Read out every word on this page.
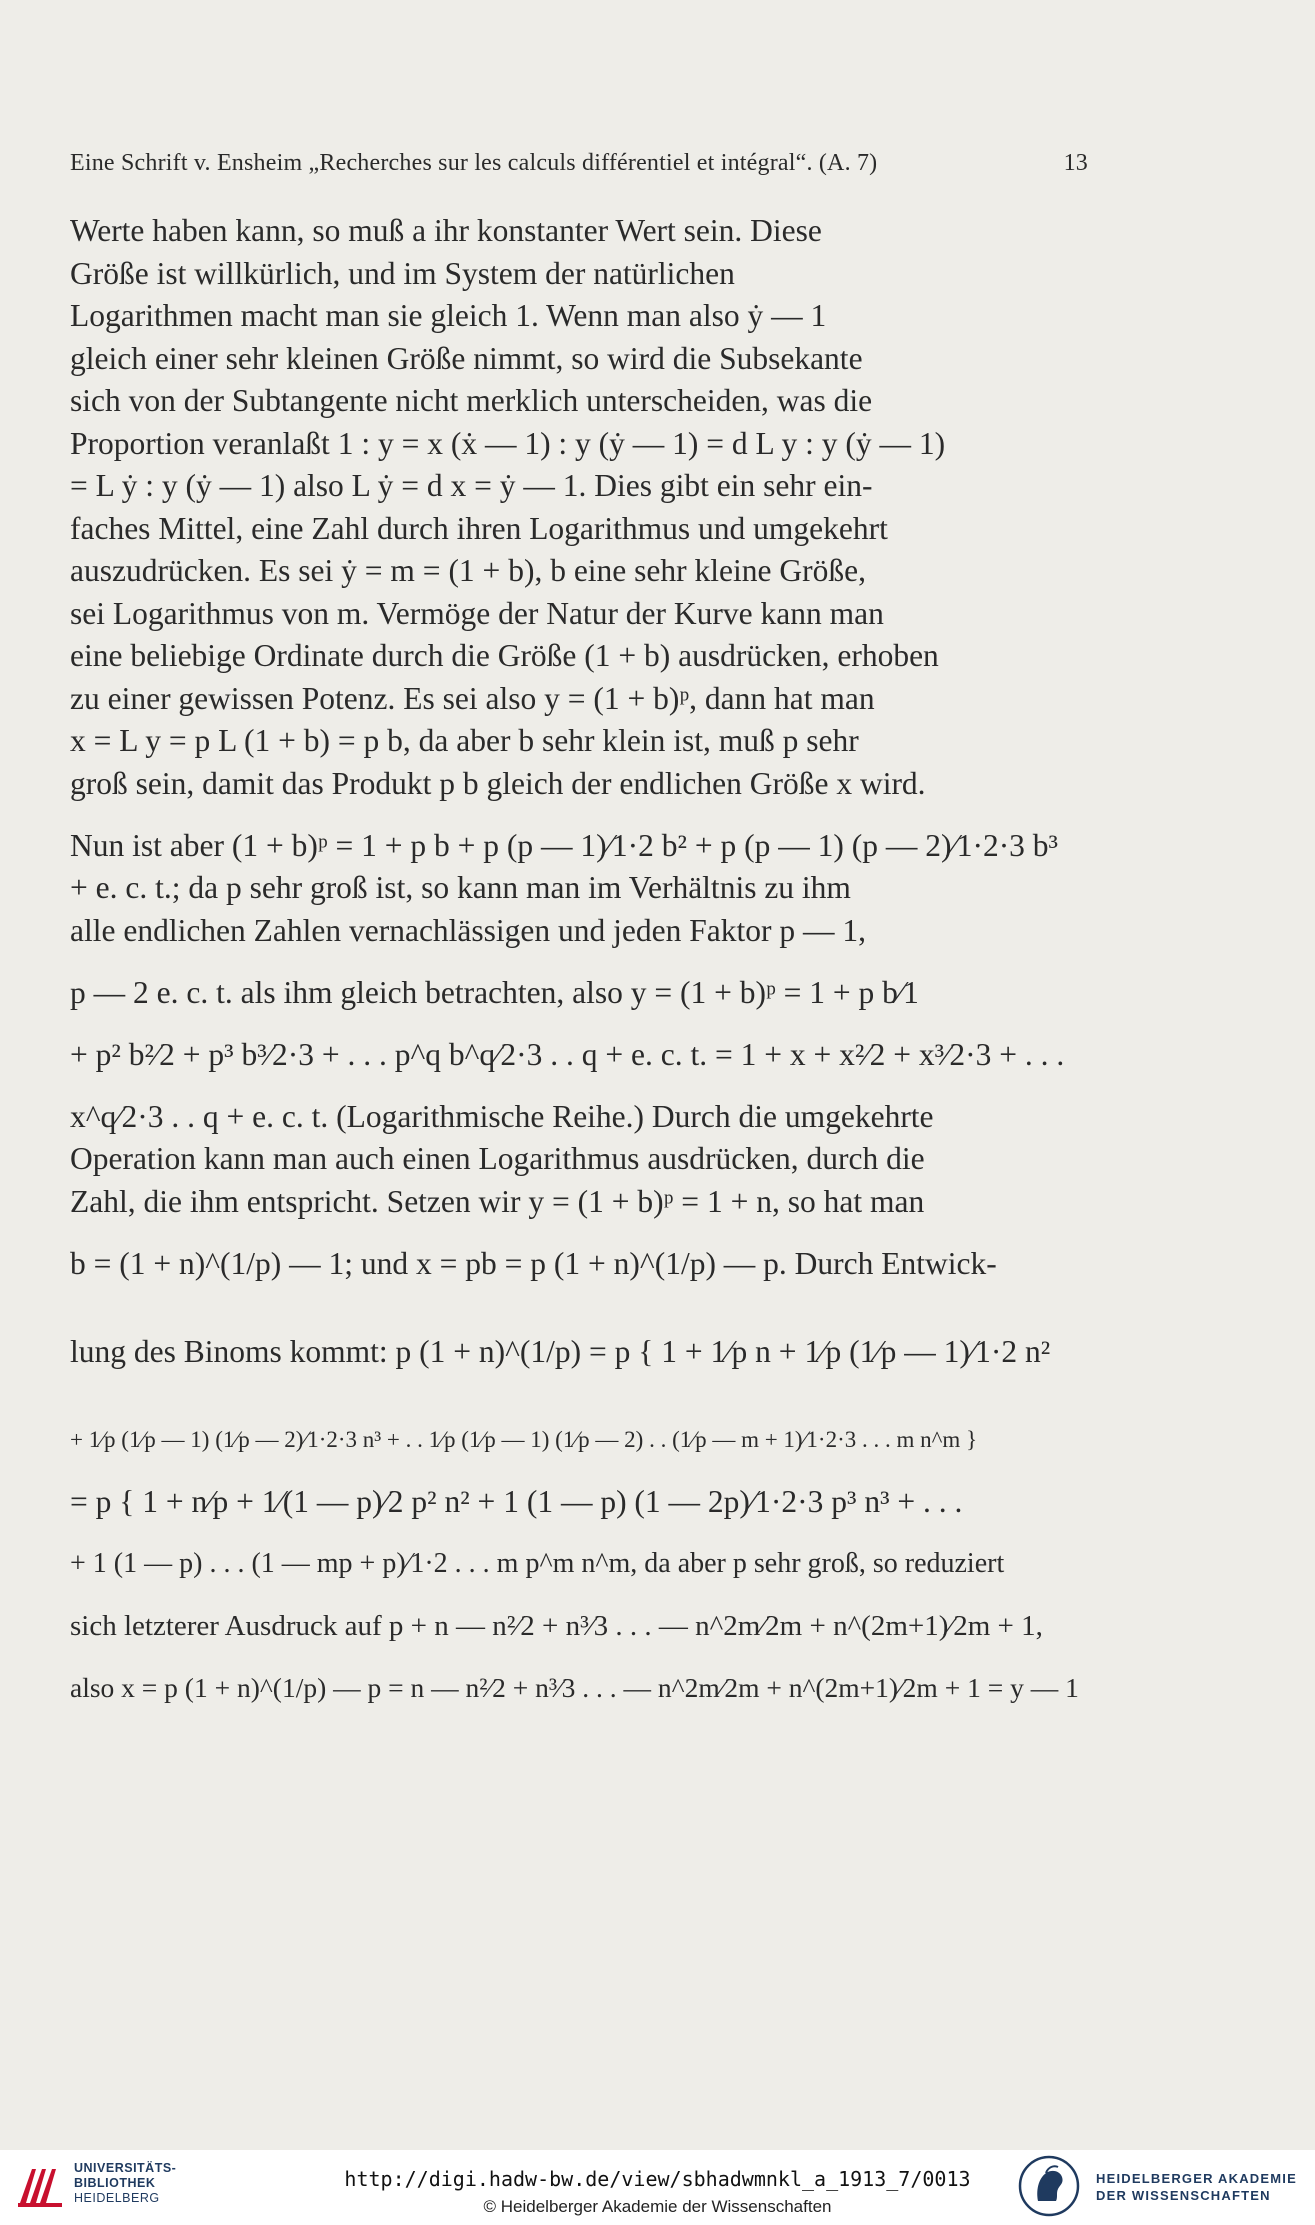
Eine Schrift v. Ensheim „Recherches sur les calculs différentiel et intégral“. (A. 7)	13
Werte haben kann, so muß a ihr konstanter Wert sein. Diese
Größe ist willkürlich, und im System der natürlichen
Logarithmen macht man sie gleich 1. Wenn man also ẏ — 1
gleich einer sehr kleinen Größe nimmt, so wird die Subsekante
sich von der Subtangente nicht merklich unterscheiden, was die
Proportion veranlaßt 1 : y = x (ẋ — 1) : y (ẏ — 1) = d L y : y (ẏ — 1)
= L ẏ : y (ẏ — 1) also L ẏ = d x = ẏ — 1. Dies gibt ein sehr ein-
faches Mittel, eine Zahl durch ihren Logarithmus und umgekehrt
auszudrücken. Es sei ẏ = m = (1 + b), b eine sehr kleine Größe,
sei Logarithmus von m. Vermöge der Natur der Kurve kann man
eine beliebige Ordinate durch die Größe (1 + b) ausdrücken, erhoben
zu einer gewissen Potenz. Es sei also y = (1 + b)ᵖ, dann hat man
x = L y = p L (1 + b) = p b, da aber b sehr klein ist, muß p sehr
groß sein, damit das Produkt p b gleich der endlichen Größe x wird.
Nun ist aber (1 + b)ᵖ = 1 + p b + p (p — 1)⁄1·2 b² + p (p — 1) (p — 2)⁄1·2·3 b³
+ e. c. t.; da p sehr groß ist, so kann man im Verhältnis zu ihm
alle endlichen Zahlen vernachlässigen und jeden Faktor p — 1,
p — 2 e. c. t. als ihm gleich betrachten, also y = (1 + b)ᵖ = 1 + p b⁄1
+ p² b²⁄2 + p³ b³⁄2·3 + . . . p^q b^q⁄2·3 . . q + e. c. t. = 1 + x + x²⁄2 + x³⁄2·3 + . . .
x^q⁄2·3 . . q + e. c. t. (Logarithmische Reihe.) Durch die umgekehrte
Operation kann man auch einen Logarithmus ausdrücken, durch die
Zahl, die ihm entspricht. Setzen wir y = (1 + b)ᵖ = 1 + n, so hat man
b = (1 + n)^(1/p) — 1; und x = pb = p (1 + n)^(1/p) — p. Durch Entwick-
lung des Binoms kommt: p (1 + n)^(1/p) = p { 1 + 1⁄p n + 1⁄p (1⁄p — 1)⁄1·2 n²
+ 1⁄p (1⁄p — 1) (1⁄p — 2)⁄1·2·3 n³ + . . 1⁄p (1⁄p — 1) (1⁄p — 2) . . (1⁄p — m + 1)⁄1·2·3 . . . m n^m }
= p { 1 + n⁄p + 1⁄(1 — p)⁄2 p² n² + 1 (1 — p) (1 — 2p)⁄1·2·3 p³ n³ + . . .
+ 1 (1 — p) . . . (1 — mp + p)⁄1·2 . . . m p^m n^m, da aber p sehr groß, so reduziert
sich letzterer Ausdruck auf p + n — n²⁄2 + n³⁄3 . . . — n^2m⁄2m + n^(2m+1)⁄2m + 1,
also x = p (1 + n)^(1/p) — p = n — n²⁄2 + n³⁄3 . . . — n^2m⁄2m + n^(2m+1)⁄2m + 1 = y — 1
UNIVERSITÄTS-
BIBLIOTHEK
HEIDELBERG
http://digi.hadw-bw.de/view/sbhadwmnkl_a_1913_7/0013
© Heidelberger Akademie der Wissenschaften
HEIDELBERGER AKADEMIE
DER WISSENSCHAFTEN
